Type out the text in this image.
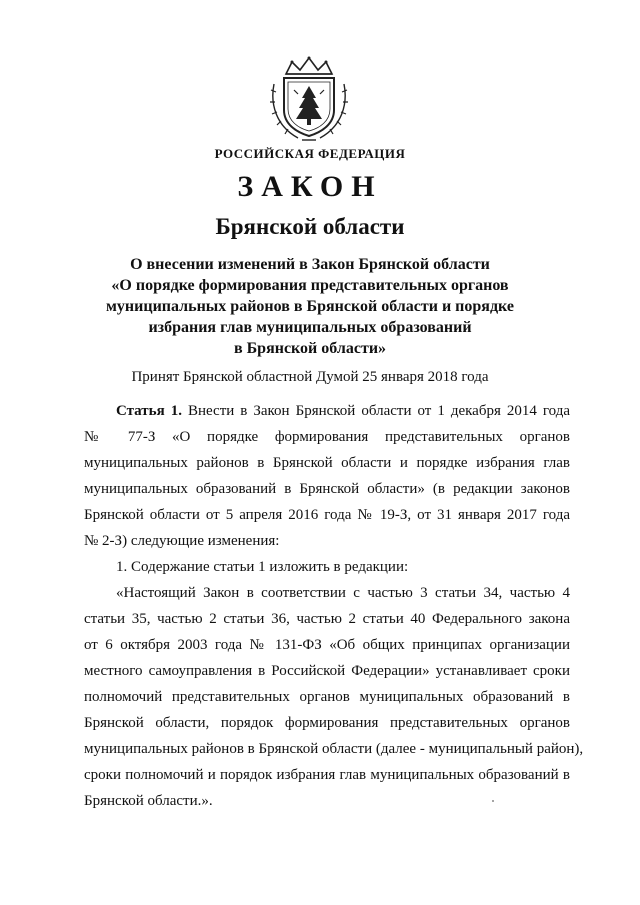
РОССИЙСКАЯ ФЕДЕРАЦИЯ
ЗАКОН
Брянской области
О внесении изменений в Закон Брянской области
«О порядке формирования представительных органов
муниципальных районов в Брянской области и порядке
избрания глав муниципальных образований
в Брянской области»
Принят Брянской областной Думой 25 января 2018 года
Статья 1. Внести в Закон Брянской области от 1 декабря 2014 года
№ 77-З «О порядке формирования представительных органов
муниципальных районов в Брянской области и порядке избрания глав
муниципальных образований в Брянской области» (в редакции законов
Брянской области от 5 апреля 2016 года № 19-З, от 31 января 2017 года
№ 2-З) следующие изменения:
1. Содержание статьи 1 изложить в редакции:
«Настоящий Закон в соответствии с частью 3 статьи 34, частью 4
статьи 35, частью 2 статьи 36, частью 2 статьи 40 Федерального закона
от 6 октября 2003 года № 131-ФЗ «Об общих принципах организации
местного самоуправления в Российской Федерации» устанавливает сроки
полномочий представительных органов муниципальных образований в
Брянской области, порядок формирования представительных органов
муниципальных районов в Брянской области (далее - муниципальный район),
сроки полномочий и порядок избрания глав муниципальных образований в
Брянской области.».
